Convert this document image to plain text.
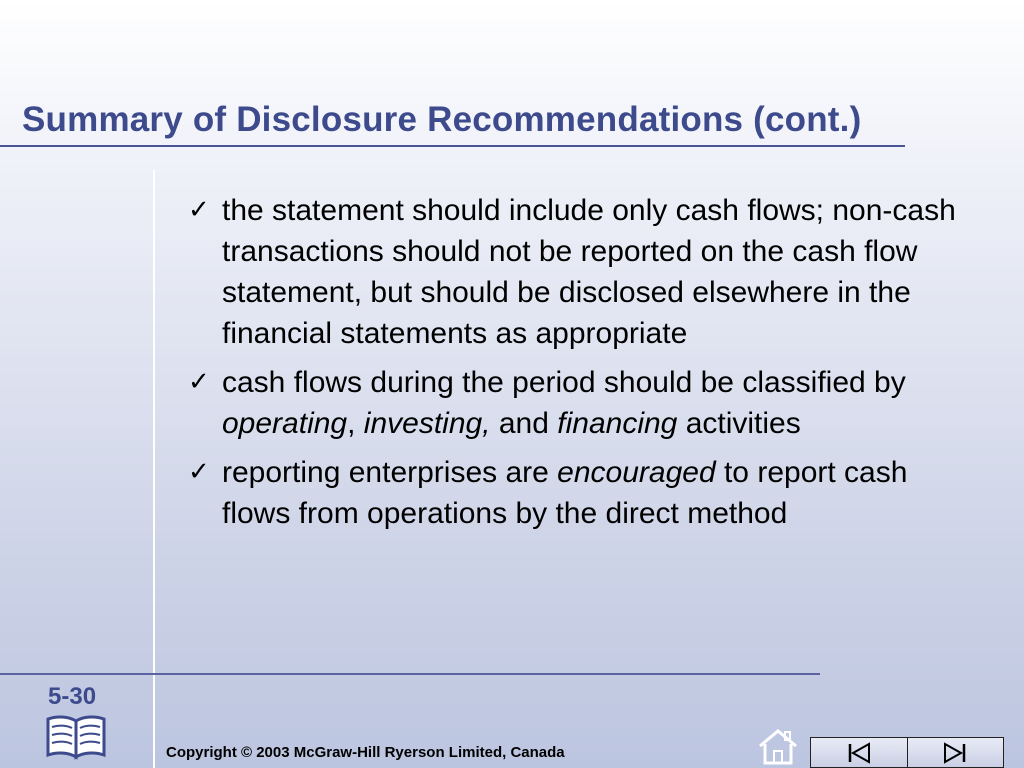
Summary of Disclosure Recommendations (cont.)
✓ the statement should include only cash flows; non-cash transactions should not be reported on the cash flow statement, but should be disclosed elsewhere in the financial statements as appropriate
✓ cash flows during the period should be classified by operating, investing, and financing activities
✓ reporting enterprises are encouraged to report cash flows from operations by the direct method
5-30
Copyright © 2003 McGraw-Hill Ryerson Limited, Canada
